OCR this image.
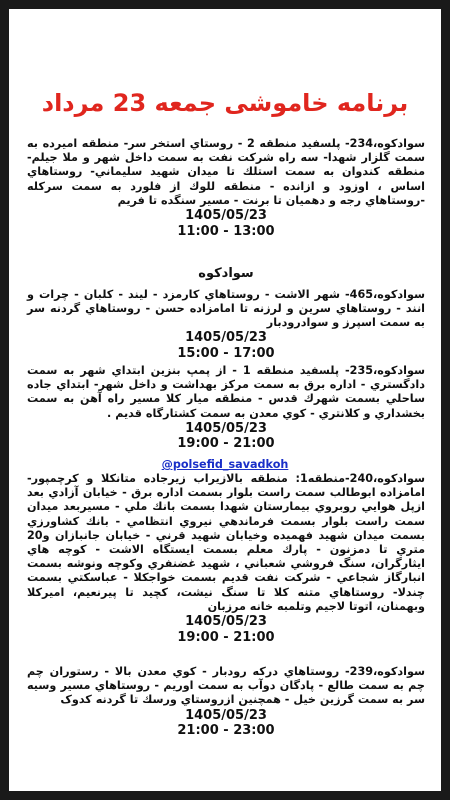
برنامه خاموشی جمعه 23 مرداد
سوادكوه،234- پلسفيد منطقه 2 - روستاي استخر سر- منطقه اميرده به سمت گلزار شهدا- سه راه شركت نفت به سمت داخل شهر و ملا جيلم- منطقه كندوان به سمت استلك تا ميدان شهيد سليماني- روستاهاي اساس ، اوزود و ازانده - منطقه للوك از فلورد به سمت سركله -روستاهاي رجه و دهميان تا برنت - مسير سنگده تا فريم
1405/05/23
11:00 - 13:00
سوادكوه
سوادكوه،465- شهر الاشت - روستاهاي كارمزد - ليند - كلبان - چرات و انند - روستاهاي سرين و لرزنه تا امامزاده حسن - روستاهاي گردنه سر به سمت اسپرز و سوادرودبار
1405/05/23
15:00 - 17:00
سوادكوه،235- پلسفيد منطقه 1 - از پمپ بنزين ابتداي شهر به سمت دادگستري - اداره برق به سمت مركز بهداشت و داخل شهر- ابتداي جاده ساحلي بسمت شهرك قدس - منطقه ميار كلا مسير راه آهن به سمت بخشداري و كلانتري - كوي معدن به سمت كشتارگاه قديم .
1405/05/23
19:00 - 21:00
@polsefid_savadkoh
سوادكوه،240-منطقه1: منطقه بالازيراب زيرجاده متانكلا و كرچمپور- امامزاده ابوطالب سمت راست بلوار بسمت اداره برق - خيابان آزادي بعد ازپل هوايي روبروي بيمارستان شهدا بسمت بانك ملي - مسيربعد ميدان سمت راست بلوار بسمت فرماندهي نيروي انتظامي - بانك كشاورزي بسمت ميدان شهيد فهميده وخيابان شهيد قرني - خيابان جانبازان و20 متري تا دمزنون - پارك معلم بسمت ايستگاه الاشت - كوچه هاي ايثارگران، سنگ فروشي شعباني ، شهيد غضنفري وكوچه ونوشه بسمت انبارگاز شجاعي - شركت نفت قديم بسمت خواجكلا - عباسكتي بسمت چندلا- روستاهاي متنه كلا تا سنگ نيشت، كچيد تا پيرنعيم، اميركلا وبهمنان، اتوتا لاجيم وتلمبه خانه مرزبان
1405/05/23
19:00 - 21:00
سوادكوه،239- روستاهاي دركه رودبار - كوي معدن بالا - رستوران چم چم به سمت طالع - پادگان دوآب به سمت اوريم - روستاهاي مسير وسيه سر به سمت گرزين خيل - همچنين ازروستاي ورسك تا گردنه كدوک
1405/05/23
21:00 - 23:00
